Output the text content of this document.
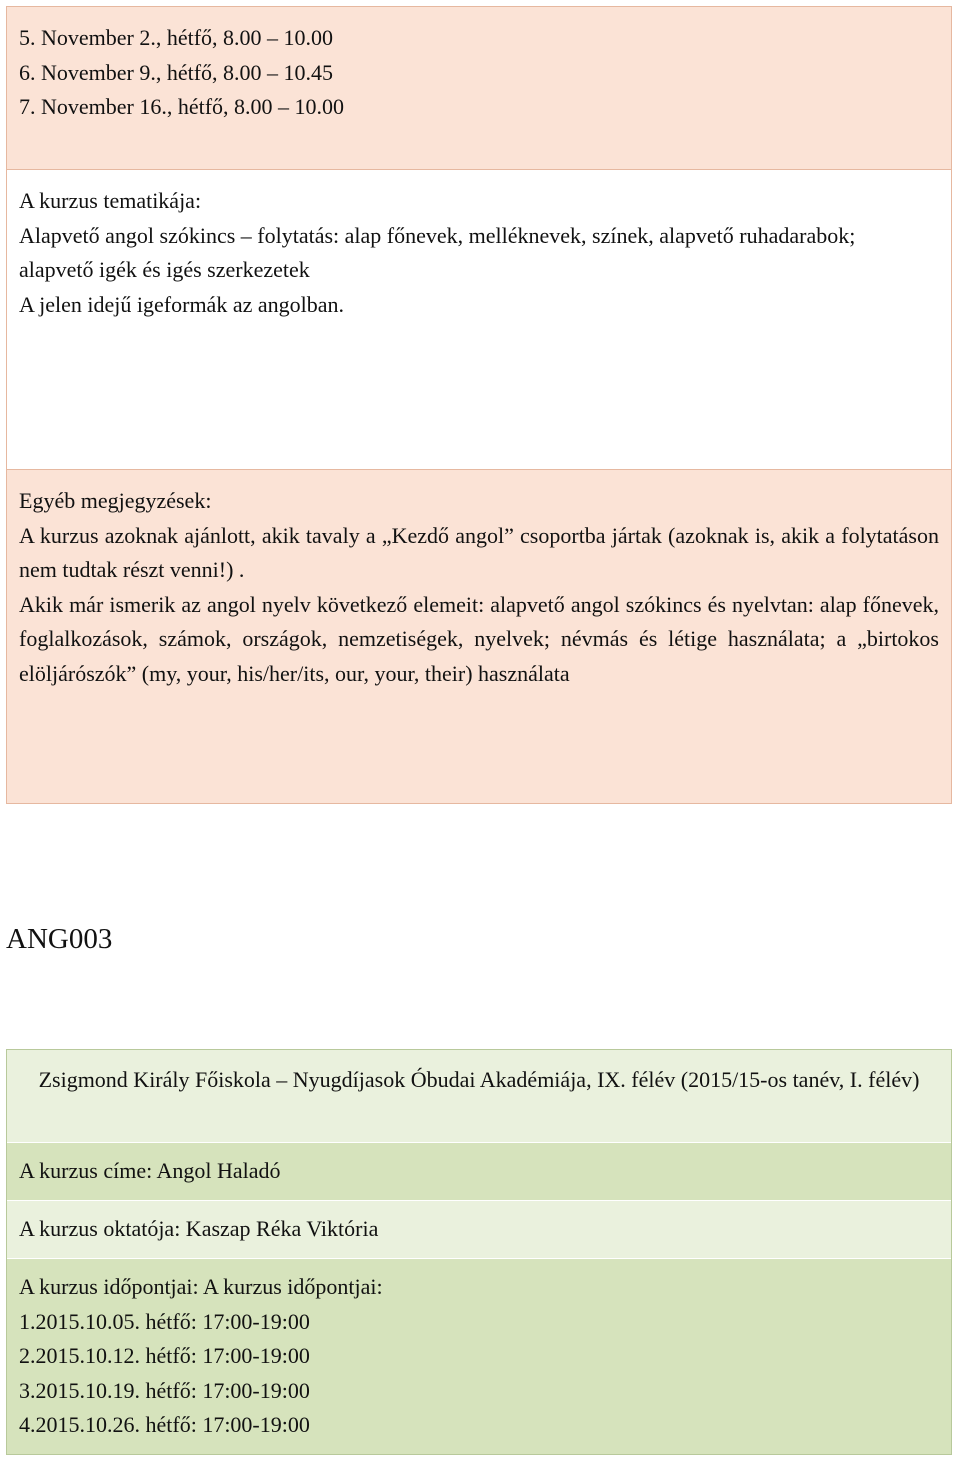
5. November 2., hétfő, 8.00 – 10.00
6. November 9., hétfő, 8.00 – 10.45
7. November 16., hétfő, 8.00 – 10.00
A kurzus tematikája:
Alapvető angol szókincs – folytatás: alap főnevek, melléknevek, színek, alapvető ruhadarabok;
alapvető igék és igés szerkezetek
A jelen idejű igeformák az angolban.
Egyéb megjegyzések:
A kurzus azoknak ajánlott, akik tavaly a „Kezdő angol” csoportba jártak (azoknak is, akik a folytatáson nem tudtak részt venni!) .
Akik már ismerik az angol nyelv következő elemeit: alapvető angol szókincs és nyelvtan: alap főnevek, foglalkozások, számok, országok, nemzetiségek, nyelvek; névmás és létige használata; a „birtokos elöljárószók” (my, your, his/her/its, our, your, their) használata
ANG003
Zsigmond Király Főiskola – Nyugdíjasok Óbudai Akadémiája, IX. félév (2015/15-os tanév, I. félév)
A kurzus címe: Angol Haladó
A kurzus oktatója: Kaszap Réka Viktória
A kurzus időpontjai: A kurzus időpontjai:
1.2015.10.05. hétfő: 17:00-19:00
2.2015.10.12. hétfő: 17:00-19:00
3.2015.10.19. hétfő: 17:00-19:00
4.2015.10.26. hétfő: 17:00-19:00
